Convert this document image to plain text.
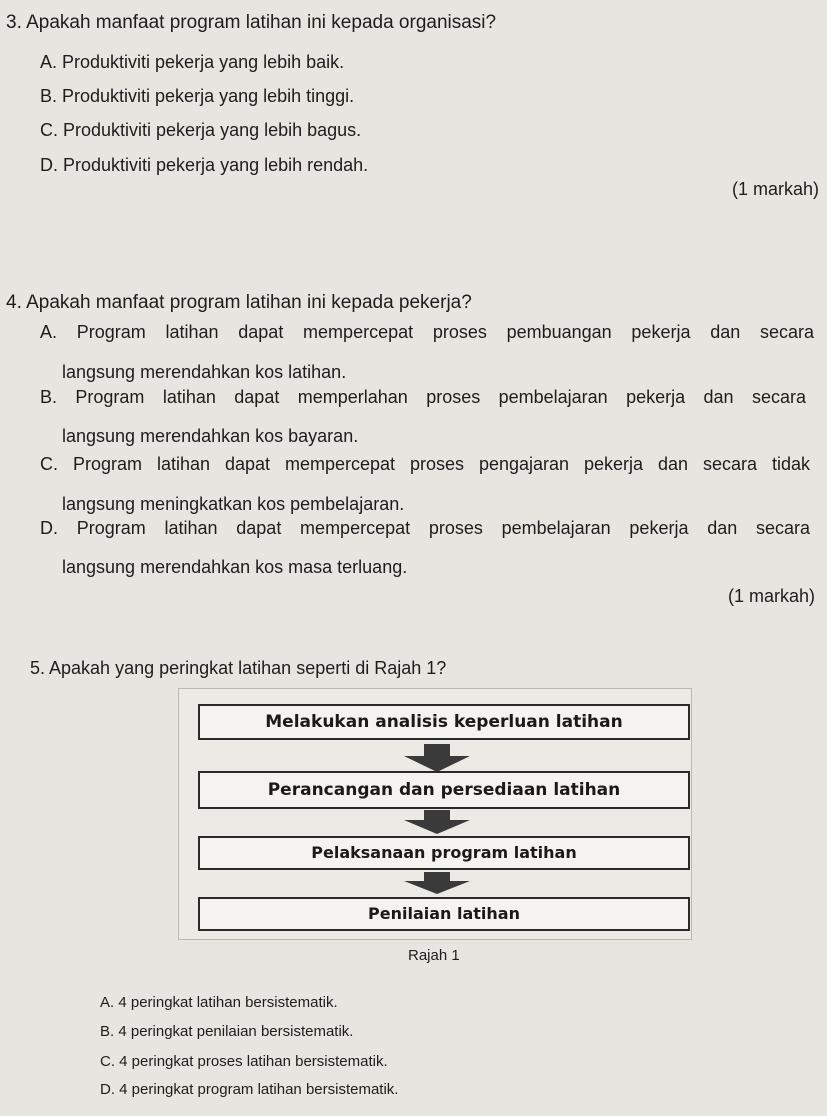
3. Apakah manfaat program latihan ini kepada organisasi?
A. Produktiviti pekerja yang lebih baik.
B. Produktiviti pekerja yang lebih tinggi.
C. Produktiviti pekerja yang lebih bagus.
D. Produktiviti pekerja yang lebih rendah.
(1 markah)
4. Apakah manfaat program latihan ini kepada pekerja?
A. Program latihan dapat mempercepat proses pembuangan pekerja dan secara
langsung merendahkan kos latihan.
B. Program latihan dapat memperlahan proses pembelajaran pekerja dan secara
langsung merendahkan kos bayaran.
C. Program latihan dapat mempercepat proses pengajaran pekerja dan secara tidak
langsung meningkatkan kos pembelajaran.
D. Program latihan dapat mempercepat proses pembelajaran pekerja dan secara
langsung merendahkan kos masa terluang.
(1 markah)
5. Apakah yang peringkat latihan seperti di Rajah 1?
Melakukan analisis keperluan latihan
Perancangan dan persediaan latihan
Pelaksanaan program latihan
Penilaian latihan
Rajah 1
A. 4 peringkat latihan bersistematik.
B. 4 peringkat penilaian bersistematik.
C. 4 peringkat proses latihan bersistematik.
D. 4 peringkat program latihan bersistematik.
